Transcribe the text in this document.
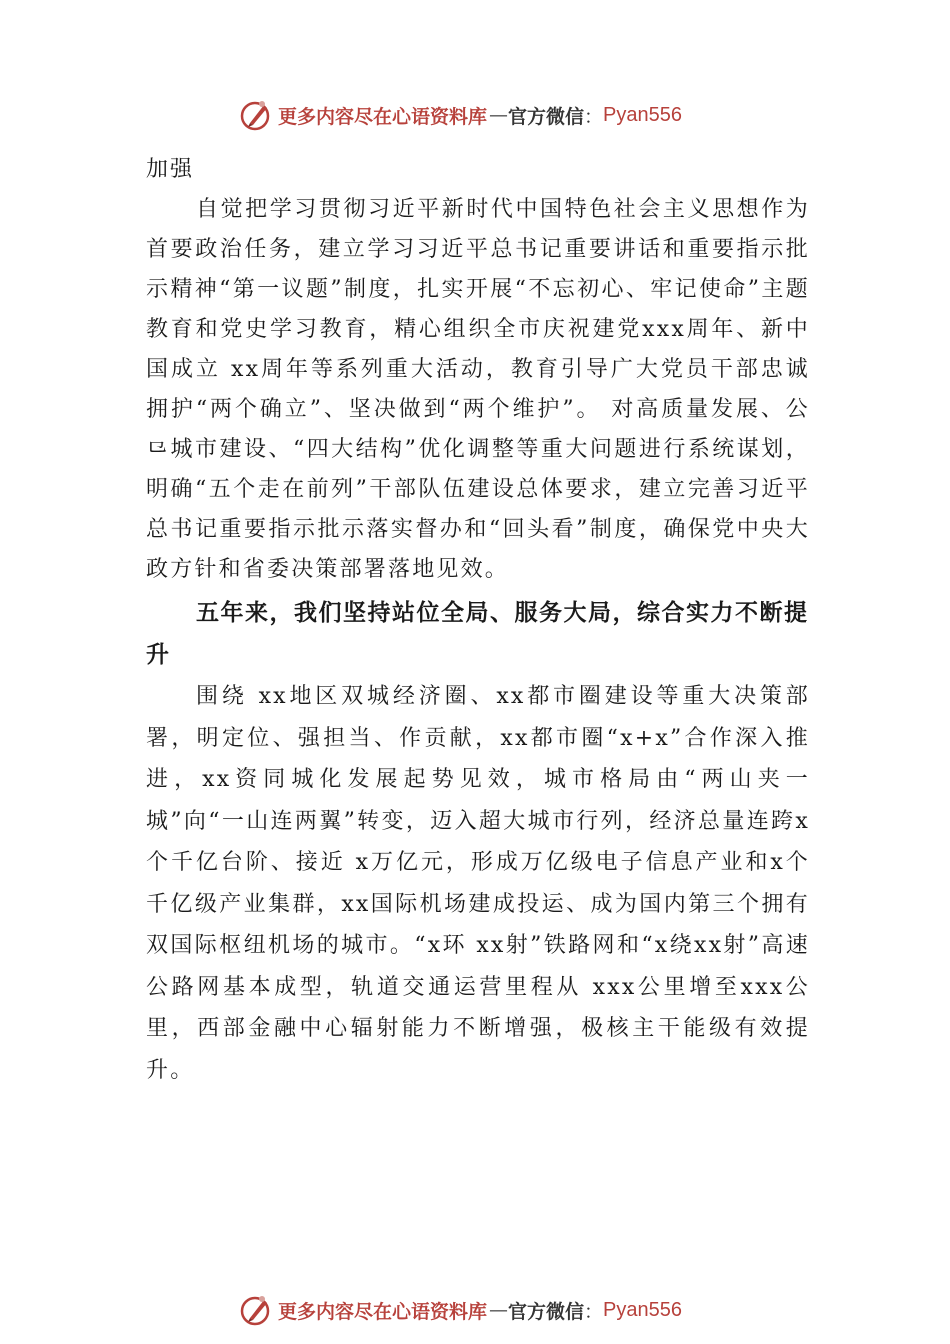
更多内容尽在心语资料库 — 官方微信 ： Pyan556

加强

自觉把学习贯彻习近平新时代中国特色社会主义思想作为首要政治任务，建立学习习近平总书记重要讲话和重要指示批示精神“第一议题”制度，扎实开展“不忘初心、牢记使命”主题教育和党史学习教育，精心组织全市庆祝建党xxx周年、新中国成立 xx周年等系列重大活动，教育引导广大党员干部忠诚拥护“两个确立”、坚决做到“两个维护”。 对高质量发展、公⺋城市建设、“四大结构”优化调整等重大问题进行系统谋划，明确“五个走在前列”干部队伍建设总体要求，建立完善习近平总书记重要指示批示落实督办和“回头看”制度，确保党中央大政方针和省委决策部署落地见效。

五年来，我们坚持站位全局、服务大局，综合实力不断提升

围绕 xx地区双城经济圈、xx都市圈建设等重大决策部署，明定位、强担当、作贡献，xx都市圈“x+x”合作深入推进，xx资同城化发展起势见效，城市格局由“两山夹一城”向“一山连两翼”转变，迈入超大城市行列，经济总量连跨x个千亿台阶、接近 x万亿元，形成万亿级电子信息产业和x个千亿级产业集群，xx国际机场建成投运、成为国内第三个拥有双国际枢纽机场的城市。“x环 xx射”铁路网和“x绕xx射”高速公路网基本成型，轨道交通运营里程从 xxx公里增至xxx公里，西部金融中心辐射能力不断增强，极核主干能级有效提升。

更多内容尽在心语资料库 — 官方微信 ： Pyan556
